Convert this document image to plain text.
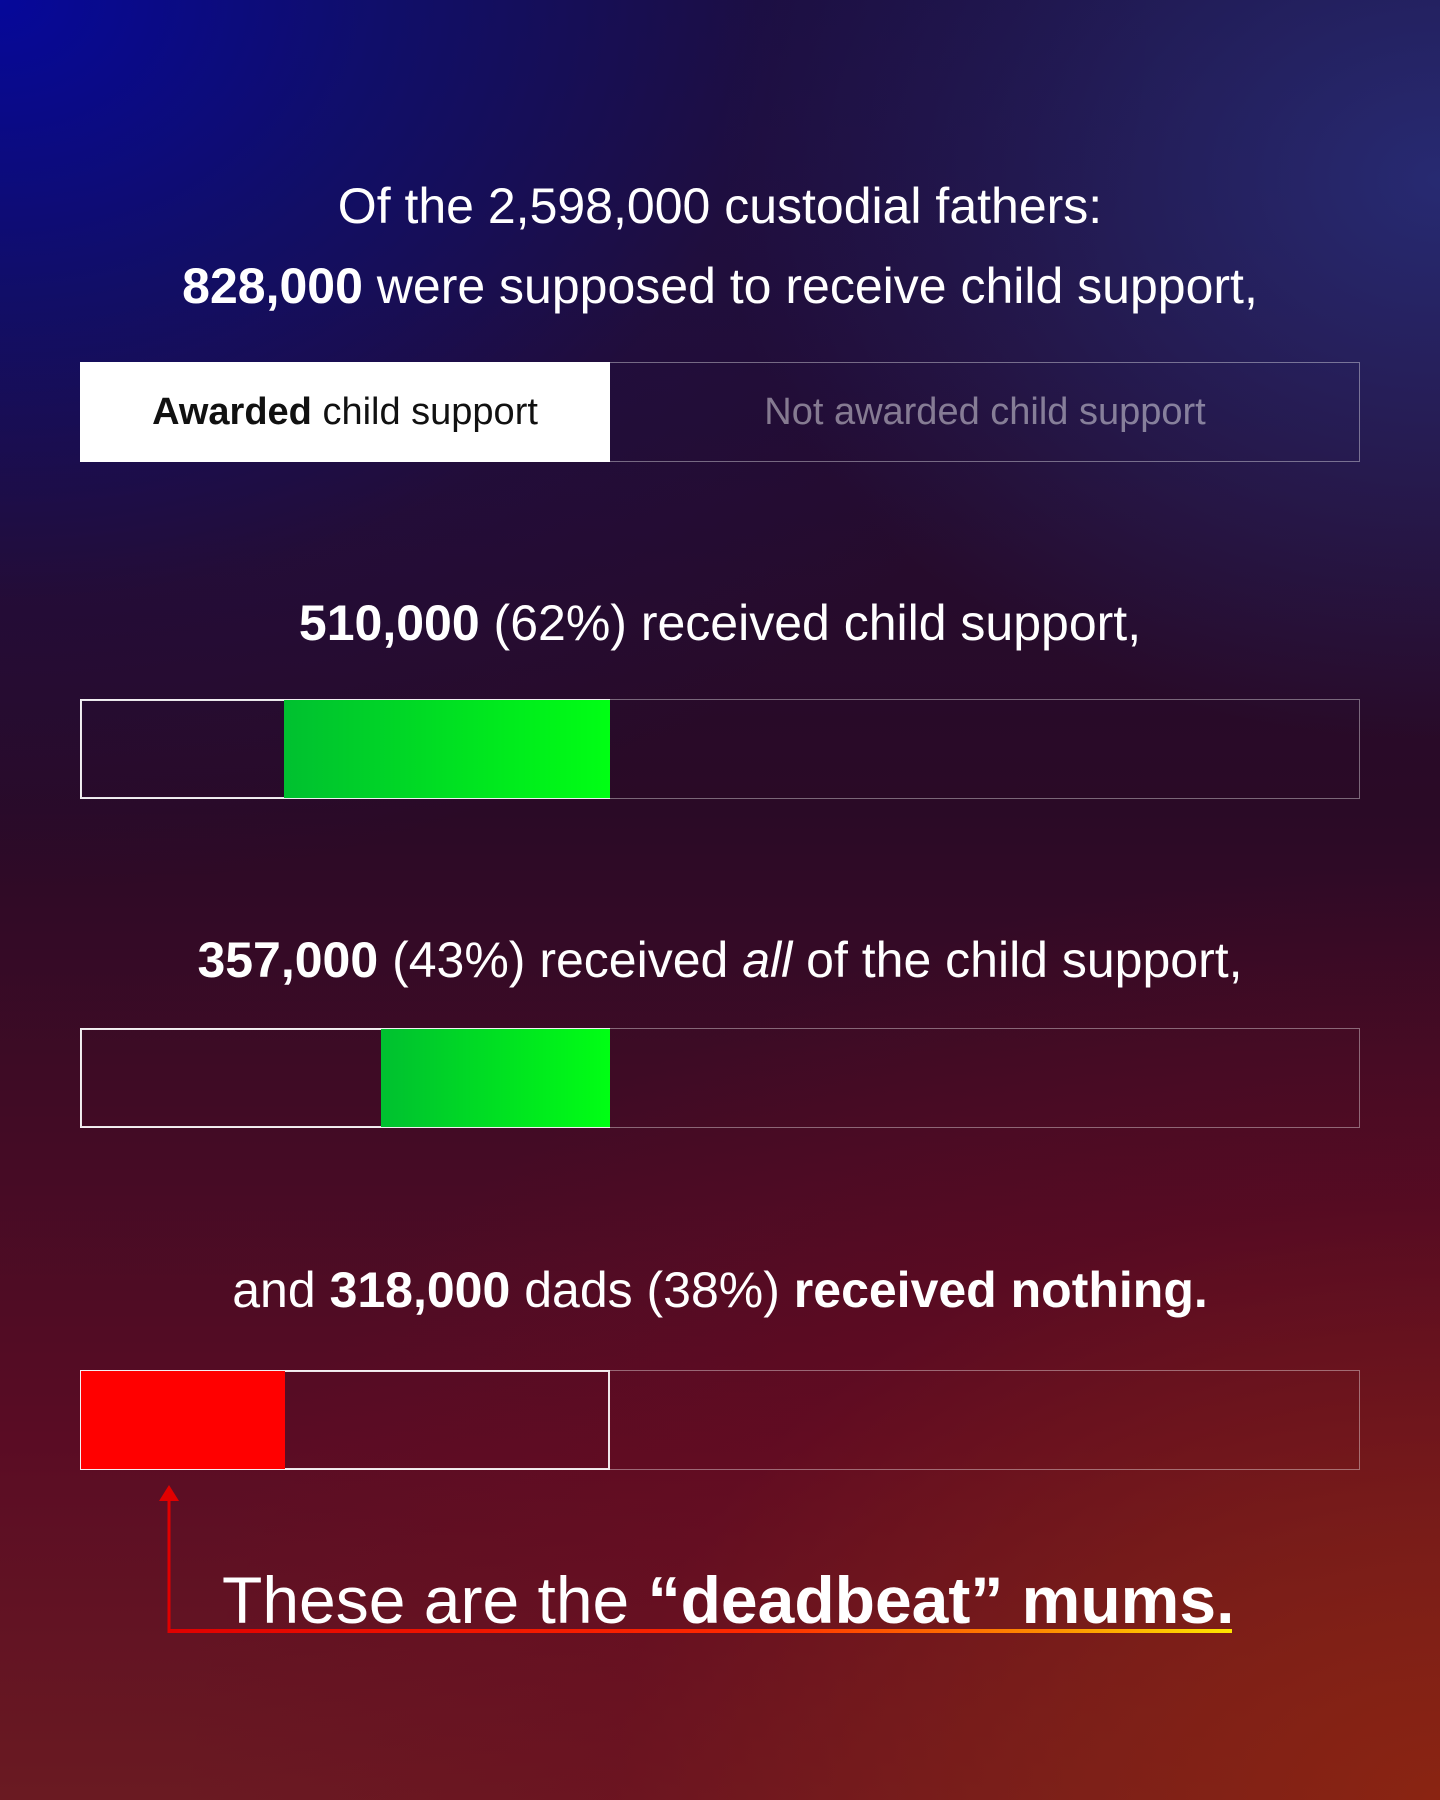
Of the 2,598,000 custodial fathers:
828,000 were supposed to receive child support,
Awarded child support	Not awarded child support
510,000 (62%) received child support,
357,000 (43%) received all of the child support,
and 318,000 dads (38%) received nothing.
These are the “deadbeat” mums.
